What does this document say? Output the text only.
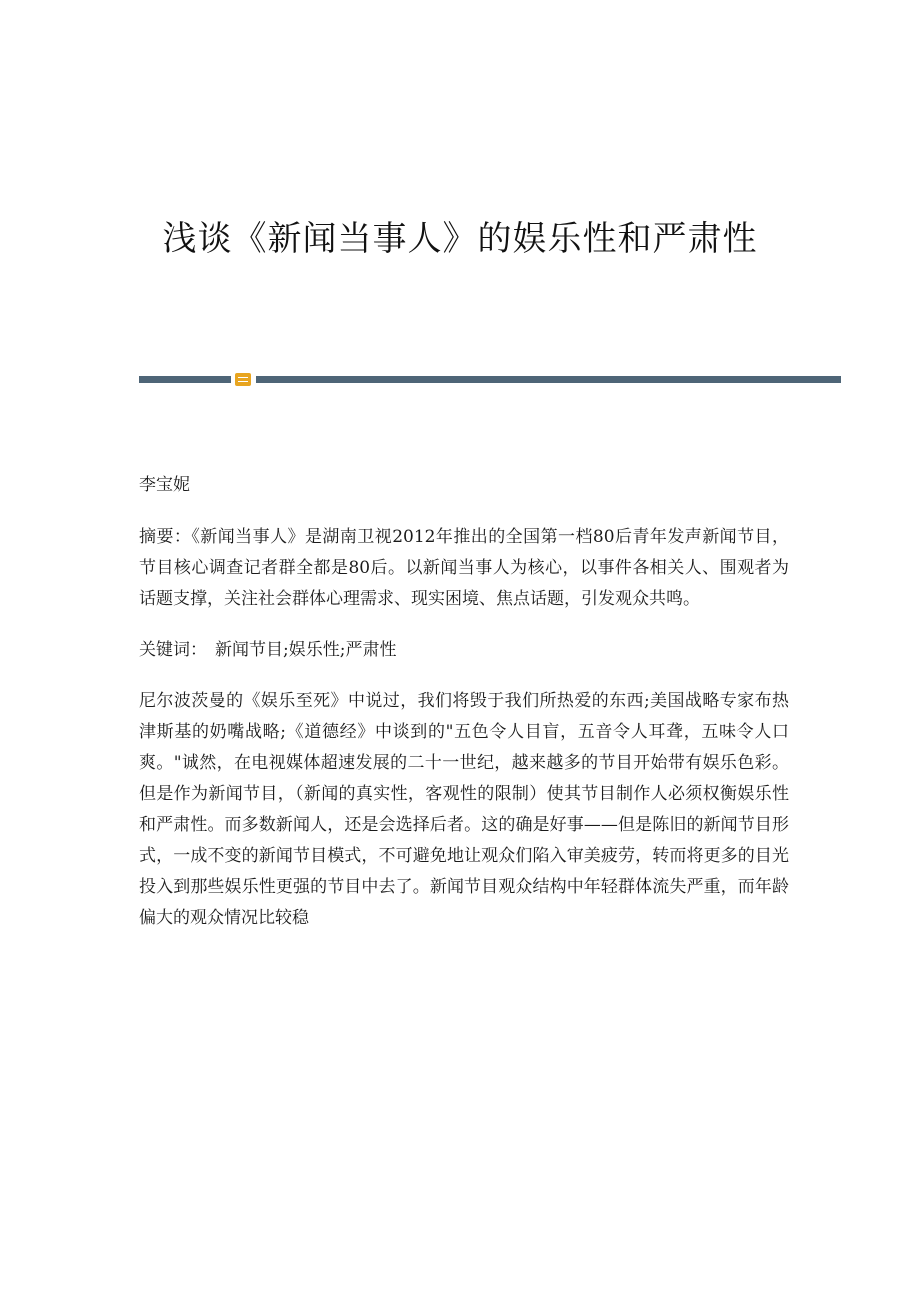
浅谈《新闻当事人》的娱乐性和严肃性

李宝妮

摘要：《新闻当事人》是湖南卫视2012年推出的全国第一档80后青年发声新闻节目，节目核心调查记者群全都是80后。以新闻当事人为核心，以事件各相关人、围观者为话题支撑，关注社会群体心理需求、现实困境、焦点话题，引发观众共鸣。

关键词： 新闻节目;娱乐性;严肃性

尼尔波茨曼的《娱乐至死》中说过，我们将毁于我们所热爱的东西;美国战略专家布热津斯基的奶嘴战略;《道德经》中谈到的"五色令人目盲，五音令人耳聋，五味令人口爽。"诚然，在电视媒体超速发展的二十一世纪，越来越多的节目开始带有娱乐色彩。但是作为新闻节目，（新闻的真实性，客观性的限制）使其节目制作人必须权衡娱乐性和严肃性。而多数新闻人，还是会选择后者。这的确是好事——但是陈旧的新闻节目形式，一成不变的新闻节目模式，不可避免地让观众们陷入审美疲劳，转而将更多的目光投入到那些娱乐性更强的节目中去了。新闻节目观众结构中年轻群体流失严重，而年龄偏大的观众情况比较稳
